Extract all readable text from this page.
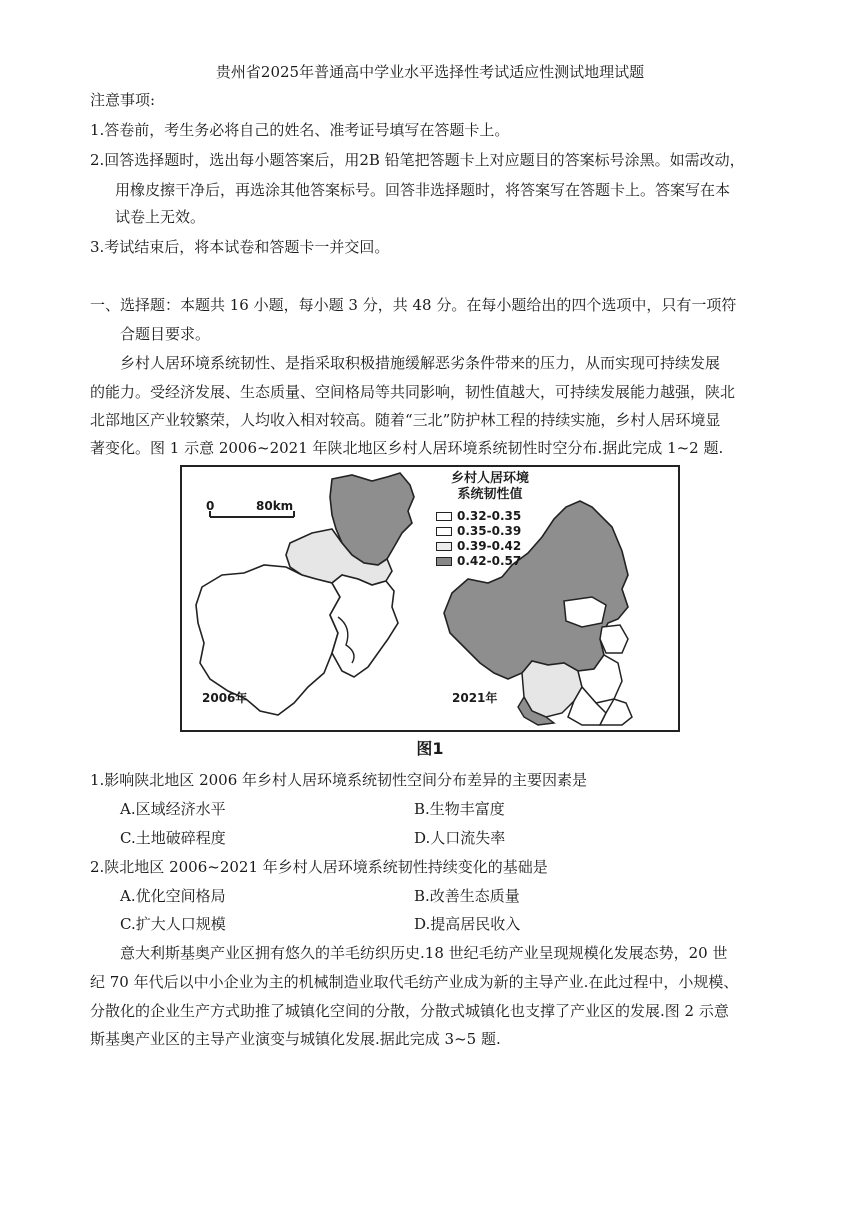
贵州省2025年普通高中学业水平选择性考试适应性测试地理试题
注意事项:
1.答卷前，考生务必将自己的姓名、准考证号填写在答题卡上。
2.回答选择题时，选出每小题答案后，用2B 铅笔把答题卡上对应题目的答案标号涂黑。如需改动，
用橡皮擦干净后，再选涂其他答案标号。回答非选择题时，将答案写在答题卡上。答案写在本
试卷上无效。
3.考试结束后，将本试卷和答题卡一并交回。
一、选择题：本题共 16 小题，每小题 3 分，共 48 分。在每小题给出的四个选项中，只有一项符
合题目要求。
乡村人居环境系统韧性、是指采取积极措施缓解恶劣条件带来的压力，从而实现可持续发展
的能力。受经济发展、生态质量、空间格局等共同影响，韧性值越大，可持续发展能力越强，陕北
北部地区产业较繁荣，人均收入相对较高。随着“三北”防护林工程的持续实施，乡村人居环境显
著变化。图 1 示意 2006~2021 年陕北地区乡村人居环境系统韧性时空分布.据此完成 1~2 题.
0	80km
乡村人居环境
系统韧性值
0.32-0.35
0.35-0.39
0.39-0.42
0.42-0.57
2006年	2021年
图1
1.影响陕北地区 2006 年乡村人居环境系统韧性空间分布差异的主要因素是
A.区域经济水平	B.生物丰富度
C.土地破碎程度	D.人口流失率
2.陕北地区 2006~2021 年乡村人居环境系统韧性持续变化的基础是
A.优化空间格局	B.改善生态质量
C.扩大人口规模	D.提高居民收入
意大利斯基奥产业区拥有悠久的羊毛纺织历史.18 世纪毛纺产业呈现规模化发展态势，20 世
纪 70 年代后以中小企业为主的机械制造业取代毛纺产业成为新的主导产业.在此过程中，小规模、
分散化的企业生产方式助推了城镇化空间的分散，分散式城镇化也支撑了产业区的发展.图 2 示意
斯基奥产业区的主导产业演变与城镇化发展.据此完成 3~5 题.
